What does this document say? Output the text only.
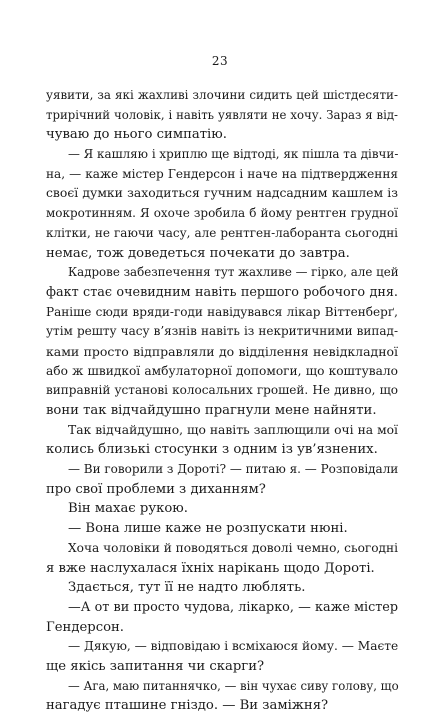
23
уявити, за які жахливі злочини сидить цей шістдесяти-
трирічний чоловік, і навіть уявляти не хочу. Зараз я від-
чуваю до нього симпатію.
— Я кашляю і хриплю ще відтоді, як пішла та дівчи-
на, — каже містер Гендерсон і наче на підтвердження
своєї думки заходиться гучним надсадним кашлем із
мокротинням. Я охоче зробила б йому рентген грудної
клітки, не гаючи часу, але рентген-лаборанта сьогодні
немає, тож доведеться почекати до завтра.
Кадрове забезпечення тут жахливе — гірко, але цей
факт стає очевидним навіть першого робочого дня.
Раніше сюди вряди-годи навідувався лікар Віттенберґ,
утім решту часу в’язнів навіть із некритичними випад-
ками просто відправляли до відділення невідкладної
або ж швидкої амбулаторної допомоги, що коштувало
виправній установі колосальних грошей. Не дивно, що
вони так відчайдушно прагнули мене найняти.
Так відчайдушно, що навіть заплющили очі на мої
колись близькі стосунки з одним із ув’язнених.
— Ви говорили з Дороті? — питаю я. — Розповідали
про свої проблеми з диханням?
Він махає рукою.
— Вона лише каже не розпускати нюні.
Хоча чоловіки й поводяться доволі чемно, сьогодні
я вже наслухалася їхніх нарікань щодо Дороті.
Здається, тут її не надто люблять.
—А от ви просто чудова, лікарко, — каже містер
Гендерсон.
— Дякую, — відповідаю і всміхаюся йому. — Маєте
ще якісь запитання чи скарги?
— Ага, маю питаннячко, — він чухає сиву голову, що
нагадує пташине гніздо. — Ви заміжня?
